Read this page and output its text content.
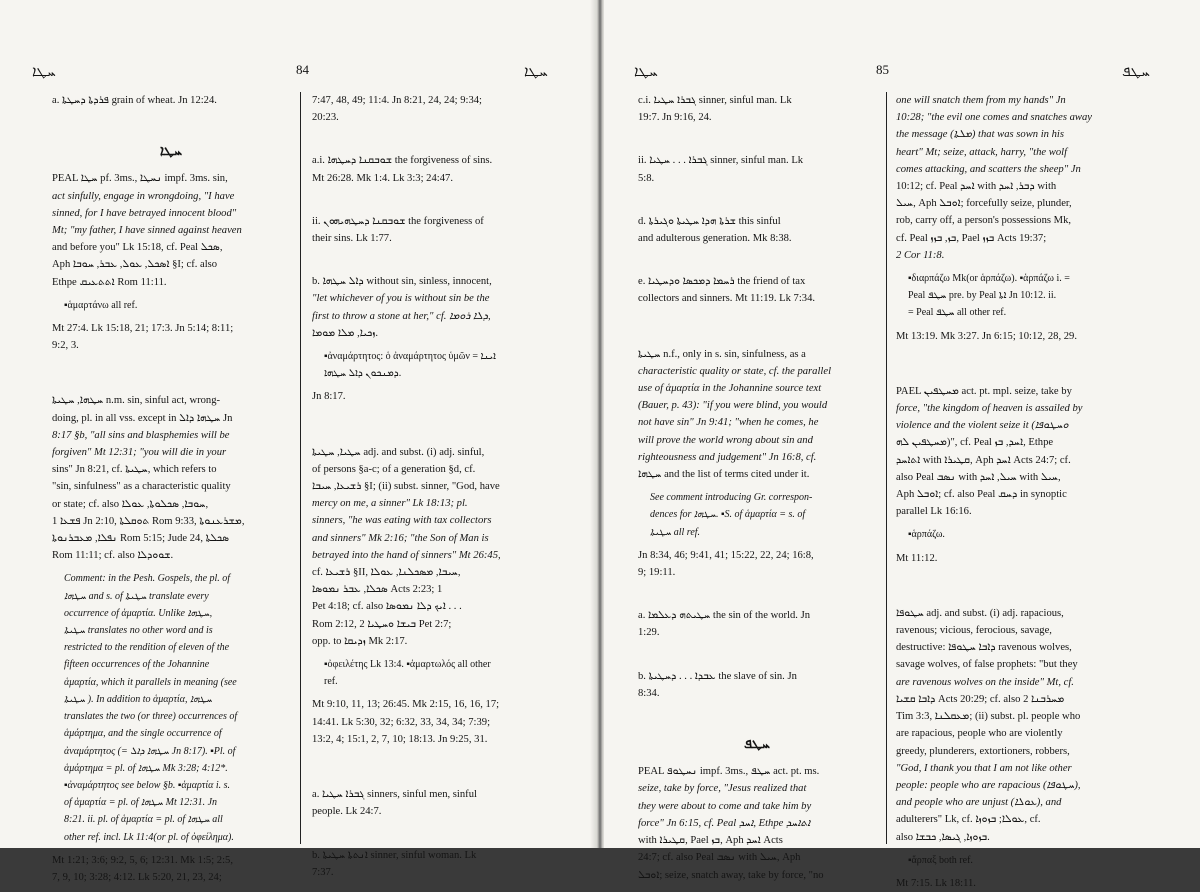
ܚܛܐ	84	ܚܛܐ

a. ܦܪܕܬܐ ܕܚܛܬܐ grain of wheat. Jn 12:24.

ܚܛܐ

PEAL ܚܛܐ pf. 3ms., ܢܚܛܐ impf. 3ms. sin,
act sinfully, engage in wrongdoing, "I have
sinned, for I have betrayed innocent blood"
Mt; "my father, I have sinned against heaven
and before you" Lk 15:18, cf. Peal ܣܟܠ,
Aph ܐܣܟܠ, ܥܘܠ, ܥܒܪ, ܚܘܒܐ §I; cf. also
Ethpe ܐܬܬܥܝܩ Rom 11:11.

▪ἁμαρτάνω all ref.

Mt 27:4. Lk 15:18, 21; 17:3. Jn 5:14; 8:11;
9:2, 3.

ܚܛܗܐ, ܚܛܝܬܐ n.m. sin, sinful act, wrong-
doing, pl. in all vss. except in ܚܛܗܐ ܕܐܠ Jn
8:17 §b, "all sins and blasphemies will be
forgiven" Mt 12:31; "you will die in your
sins" Jn 8:21, cf. ܚܛܝܬܐ, which refers to
"sin, sinfulness" as a characteristic quality
or state; cf. also ܚܘܒܐ, ܣܟܠܘܬܐ, ܥܘܠܐ,
ܦܫܥܐ 1 Jn 2:10, ܬܘܩܠܬܐ Rom 9:33, ܡܫܪܥܢܘܬܐ,
ܢܦܠܐ, ܡܥܒܪܢܘܬܐ Rom 5:15; Jude 24, ܣܟܠܬܐ
Rom 11:11; cf. also ܫܘܘܕܠܐ.

Comment: in the Pesh. Gospels, the pl. of

ܚܛܗܐ and s. of ܚܛܝܬܐ translate every

occurrence of ἁμαρτία. Unlike ܚܛܗܐ,

ܚܛܝܬܐ translates no other word and is

restricted to the rendition of eleven of the

fifteen occurrences of the Johannine

ἁμαρτία, which it parallels in meaning (see

ܚܛܝܬܐ ). In addition to ἁμαρτία, ܚܛܗܐ

translates the two (or three) occurrences of

ἁμάρτημα, and the single occurrence of

ἀναμάρτητος (= ܚܛܗܐ ܕܐܠ Jn 8:17). ▪Pl. of

ἁμάρτημα = pl. of ܚܛܗܐ Mk 3:28; 4:12*.

▪ἀναμάρτητος see below §b. ▪ἁμαρτία i. s.

of ἁμαρτία = pl. of ܚܛܗܐ Mt 12:31. Jn

8:21. ii. pl. of ἁμαρτία = pl. of ܚܛܗܐ all

other ref. incl. Lk 11:4(or pl. of ὀφείλημα).

Mt 1:21; 3:6; 9:2, 5, 6; 12:31. Mk 1:5; 2:5,
7, 9, 10; 3:28; 4:12. Lk 5:20, 21, 23, 24;

7:47, 48, 49; 11:4. Jn 8:21, 24, 24; 9:34;
20:23.

a.i. ܫܘܒܩܢܐ ܕܚܛܗܐ the forgiveness of sins.
Mt 26:28. Mk 1:4. Lk 3:3; 24:47.

ii. ܫܘܒܩܢܐ ܕܚܛܗܝܗܘܢ the forgiveness of
their sins. Lk 1:77.

b. ܕܐܠ ܚܛܗܐ without sin, sinless, innocent,
"let whichever of you is without sin be the
first to throw a stone at her," cf. ܕܠܐ ܪܘܡܐ,
ܙܟܝܐ, ܡܠܐ ܡܘܡܐ.

▪ἀναμάρτητος: ὁ ἀναμάρτητος ὑμῶν = ܐܝܢܐ

ܕܡܢܟܘܢ ܕܐܠ ܚܛܗܐ.

Jn 8:17.

ܚܛܝܐ, ܚܛܝܬܐ adj. and subst. (i) adj. sinful,
of persons §a-c; of a generation §d, cf.
ܪܫܝܥܐ, ܚܝܒܐ §I; (ii) subst. sinner, "God, have
mercy on me, a sinner" Lk 18:13; pl.
sinners, "he was eating with tax collectors
and sinners" Mk 2:16; "the Son of Man is
betrayed into the hand of sinners" Mt 26:45,
cf. ܪܫܝܥܐ §II, ܚܝܒܐ, ܡܣܟܠܢܐ, ܥܘܠܐ,
ܣܟܠܐ, ܥܒܪ ܢܡܘܣܐ Acts 2:23; 1
Pet 4:18; cf. also ܐܝܟ ܕܠܐ ܢܡܘܣܐ . . .
Rom 2:12, ܒܝܫܐ ܘܚܛܝܐ 2 Pet 2:7;
opp. to ܙܕܝܩܐ Mk 2:17.

▪ὀφειλέτης Lk 13:4. ▪ἁμαρτωλός all other

ref.

Mt 9:10, 11, 13; 26:45. Mk 2:15, 16, 16, 17;
14:41. Lk 5:30, 32; 6:32, 33, 34, 34; 7:39;
13:2, 4; 15:1, 2, 7, 10; 18:13. Jn 9:25, 31.

a. ܓܒܪܐ ܚܛܝܐ sinners, sinful men, sinful
people. Lk 24:7.

b. ܐܢܬܬܐ ܚܛܝܬܐ sinner, sinful woman. Lk
7:37.

ܚܛܐ	85	ܚܛܦ

c.i. ܓܒܪܐ ܚܛܝܐ sinner, sinful man. Lk
19:7. Jn 9:16, 24.

ii. ܓܒܪܐ . . . ܚܛܝܐ sinner, sinful man. Lk
5:8.

d. ܫܪܬܐ ܗܕܐ ܚܛܝܬܐ ܘܓܝܪܬܐ this sinful
and adulterous generation. Mk 8:38.

e. ܪܚܡܐ ܕܡܟܣܐ ܘܕܚܛܝܐ the friend of tax
collectors and sinners. Mt 11:19. Lk 7:34.

ܚܛܝܬܐ n.f., only in s. sin, sinfulness, as a
characteristic quality or state, cf. the parallel
use of ἁμαρτία in the Johannine source text
(Bauer, p. 43): "if you were blind, you would
not have sin" Jn 9:41; "when he comes, he
will prove the world wrong about sin and
righteousness and judgement" Jn 16:8, cf.
ܚܛܗܐ and the list of terms cited under it.

See comment introducing Gr. correspon-

dences for ܚܛܗܐ. ▪S. of ἁμαρτία = s. of

ܚܛܝܬܐ all ref.

Jn 8:34, 46; 9:41, 41; 15:22, 22, 24; 16:8,
9; 19:11.

a. ܚܛܝܬܗ ܕܥܠܡܐ the sin of the world. Jn
1:29.

b. ܥܒܕܐ . . . ܕܚܛܝܬܐ the slave of sin. Jn
8:34.

ܚܛܦ

PEAL ܢܚܛܘܦ impf. 3ms., ܚܛܦ act. pt. ms.
seize, take by force, "Jesus realized that
they were about to come and take him by
force" Jn 6:15, cf. Peal ܐܚܕ, Ethpe ܐܬܐܚܕ
with ܩܛܝܪܐ, Pael ܒܙ, Aph ܐܚܕ Acts
24:7; cf. also Peal ܢܣܒ with ܚܝܠ, Aph
ܐܘܒܠ; seize, snatch away, take by force, "no

one will snatch them from my hands" Jn
10:28; "the evil one comes and snatches away
the message (ܡܠܬܐ) that was sown in his
heart" Mt; seize, attack, harry, "the wolf
comes attacking, and scatters the sheep" Jn
10:12; cf. Peal ܐܚܕ with ܕܒܪ, ܐܚܕ with
ܚܝܠ, Aph ܐܘܒܠ; forcefully seize, plunder,
rob, carry off, a person's possessions Mk,
cf. Peal ܒܙ, ܒܙܙ, Pael ܒܙܙ Acts 19:37;
2 Cor 11:8.

▪διαρπάζω Mk(or ἁρπάζω). ▪ἁρπάζω i. =

Peal ܚܛܦ pre. by Peal ܐܬܐ Jn 10:12. ii.

= Peal ܚܛܦ all other ref.

Mt 13:19. Mk 3:27. Jn 6:15; 10:12, 28, 29.

PAEL ܡܚܛܦܝܢ act. pt. mpl. seize, take by
force, "the kingdom of heaven is assailed by
violence and the violent seize it (ܘܚܛܘܦܐ
ܡܚܛܦܝܢ ܠܗ)", cf. Peal ܐܚܕ, ܒܙ, Ethpe
ܐܬܐܚܕ with ܩܛܝܪܐ, Aph ܐܚܕ Acts 24:7; cf.
also Peal ܢܣܒ with ܚܝܠ, ܐܚܕ with ܚܝܠ,
Aph ܐܘܒܠ; cf. also Peal ܕܚܩ in synoptic
parallel Lk 16:16.

▪ἁρπάζω.

Mt 11:12.

ܚܛܘܦܐ adj. and subst. (i) adj. rapacious,
ravenous; vicious, ferocious, savage,
destructive: ܕܐܒܐ ܚܛܘܦܐ ravenous wolves,
savage wolves, of false prophets: "but they
are ravenous wolves on the inside" Mt, cf.
ܕܐܒܐ ܩܫܝܐ Acts 20:29; cf. also ܡܚܪܒܢܐ 2
Tim 3:3, ܡܥܩܠܢܐ; (ii) subst. pl. people who
are rapacious, people who are violently
greedy, plunderers, extortioners, robbers,
"God, I thank you that I am not like other
people: people who are rapacious (ܚܛܘܦܐ),
and people who are unjust (ܥܘܠܐ), and
adulterers" Lk, cf. ܥܘܠܐ; ܒܙܘܙܐ, cf.
also ܒܙܘܙܐ, ܓܝܣܐ, ܟܒܫܐ.

▪ἅρπαξ both ref.

Mt 7:15. Lk 18:11.
